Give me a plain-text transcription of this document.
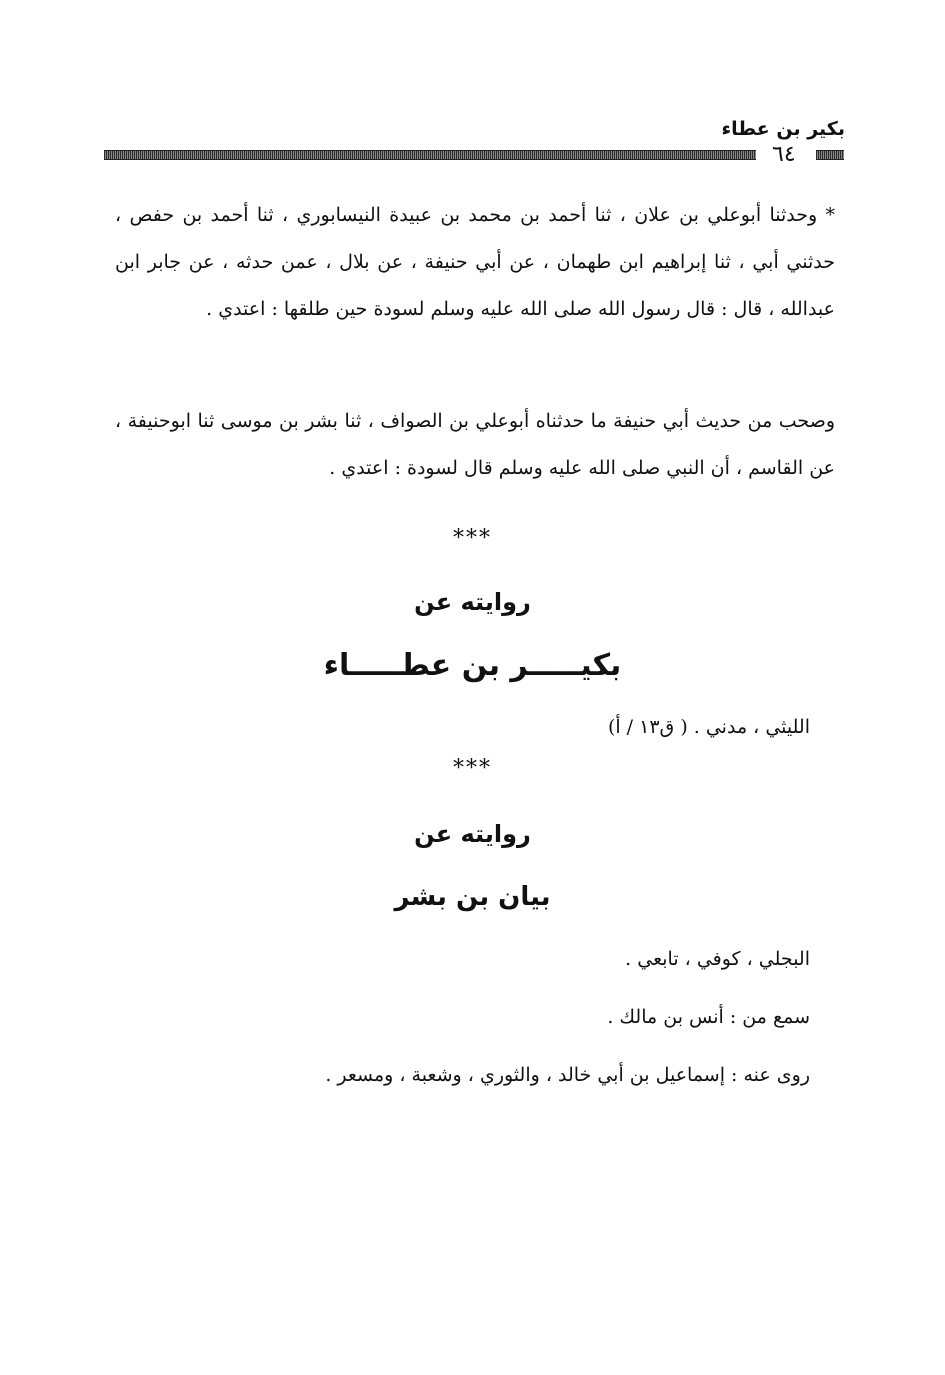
بكير بن عطاء
٦٤
* وحدثنا أبوعلي بن علان ، ثنا أحمد بن محمد بن عبيدة النيسابوري ، ثنا أحمد بن حفص ، حدثني أبي ، ثنا إبراهيم ابن طهمان ، عن أبي حنيفة ، عن بلال ، عمن حدثه ، عن جابر ابن عبدالله ، قال : قال رسول الله صلى الله عليه وسلم لسودة حين طلقها : اعتدي .
وصحب من حديث أبي حنيفة ما حدثناه أبوعلي بن الصواف ، ثنا بشر بن موسى ثنا ابوحنيفة ، عن القاسم ، أن النبي صلى الله عليه وسلم قال لسودة : اعتدي .
***
روايته عن
بكيـــــر بن عطـــــاء
الليثي ، مدني . ( ق١٣ / أ)
***
روايته عن
بيان بن بشر
البجلي ، كوفي ، تابعي .
سمع من : أنس بن مالك .
روى عنه : إسماعيل بن أبي خالد ، والثوري ، وشعبة ، ومسعر .
